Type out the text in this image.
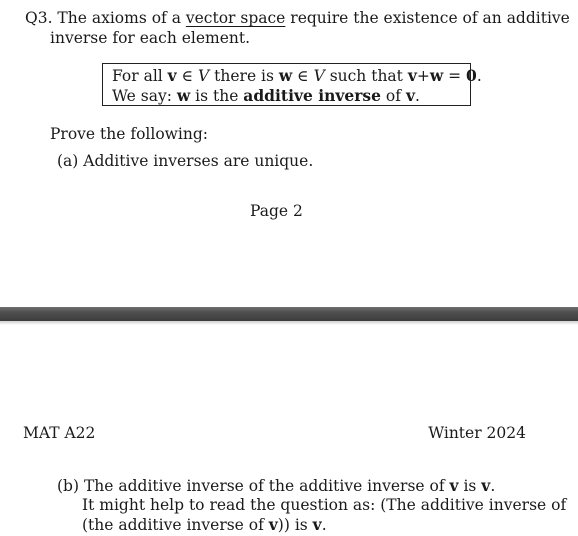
Q3. The axioms of a vector space require the existence of an additive
inverse for each element.
For all v ∈ V there is w ∈ V such that v+w = 0.
We say: w is the additive inverse of v.
Prove the following:
(a) Additive inverses are unique.
Page 2
MAT A22	Winter 2024
(b) The additive inverse of the additive inverse of v is v.
It might help to read the question as: (The additive inverse of
(the additive inverse of v)) is v.
